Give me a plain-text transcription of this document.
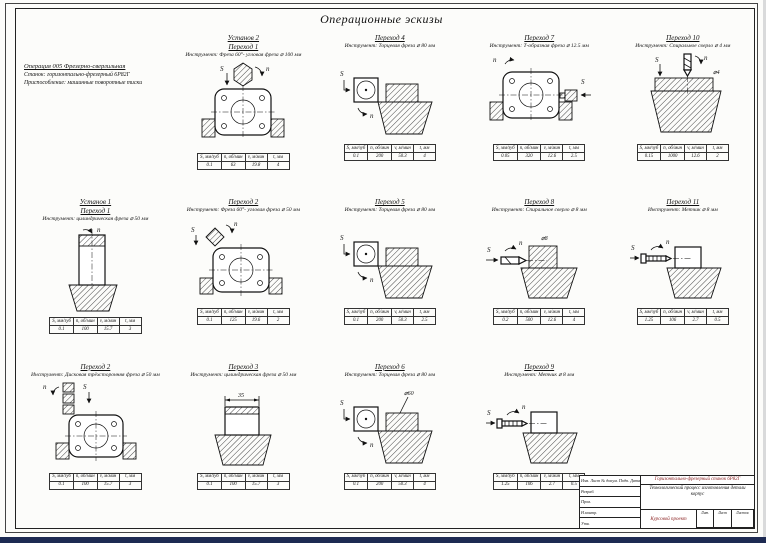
Операционные эскизы
Операция 005 Фрезерно-сверлильная
Станок: горизонтально-фрезерный 6Р82Г
Приспособление: машинные поворотные тиски
Установ 2
Переход 1
Инструмент: Фреза 60°- угловая фреза ⌀ 100 мм
n
S
S, мм/зуб	n, об/мин	v, м/мин	t, мм
0.1	63	19.8	4
Переход 4
Инструмент: Торцевая фреза ⌀ 80 мм
S
n
S, мм/зуб	n, об/мин	v, м/мин	t, мм
0.1	200	50.3	4
Переход 7
Инструмент: Т-образная фреза ⌀ 12.5 мм
n
S
S, мм/зуб	n, об/мин	v, м/мин	t, мм
0.05	320	12.6	2.5
Переход 10
Инструмент: Спиральное сверло ⌀ 4 мм
S	n
⌀4
S, мм/зуб	n, об/мин	v, м/мин	t, мм
0.15	1000	12.6	2
Установ 1
Переход 1
Инструмент: цилиндрическая фреза ⌀ 50 мм
n
S, мм/зуб	n, об/мин	v, м/мин	t, мм
0.1	100	15.7	3
Переход 2
Инструмент: Фреза 60°- угловая фреза ⌀ 50 мм
n
S
S, мм/зуб	n, об/мин	v, м/мин	t, мм
0.1	125	19.6	2
Переход 5
Инструмент: Торцевая фреза ⌀ 80 мм
S
n
S, мм/зуб	n, об/мин	v, м/мин	t, мм
0.1	200	50.3	2.5
Переход 8
Инструмент: Спиральное сверло ⌀ 8 мм
S
n	⌀8
S, мм/зуб	n, об/мин	v, м/мин	t, мм
0.2	500	12.6	4
Переход 11
Инструмент: Метчик ⌀ 8 мм
S
n
S, мм/зуб	n, об/мин	v, м/мин	t, мм
1.25	106	2.7	0.5
Переход 2
Инструмент: Дисковая трёхсторонняя фреза ⌀ 50 мм
n	S
S, мм/зуб	n, об/мин	v, м/мин	t, мм
0.1	100	15.7	3
Переход 3
Инструмент: цилиндрическая фреза ⌀ 50 мм
35
S, мм/зуб	n, об/мин	v, м/мин	t, мм
0.1	100	15.7	3
Переход 6
Инструмент: Торцевая фреза ⌀ 80 мм
S
n
⌀60
S, мм/зуб	n, об/мин	v, м/мин	t, мм
0.1	200	50.3	4
Переход 9
Инструмент: Метчик ⌀ 8 мм
S
n
S, мм/зуб	n, об/мин	v, м/мин	t, мм
1.25	106	2.7	0.5
Изм. Лист № докум. Подп. Дата
Разраб.
Пров.
Н.контр.
Утв.
Горизонтально-фрезерный станок 6Р82Г
Технологический процесс изготовления детали корпус
Курсовой проект
Лит.	Лист	Листов
